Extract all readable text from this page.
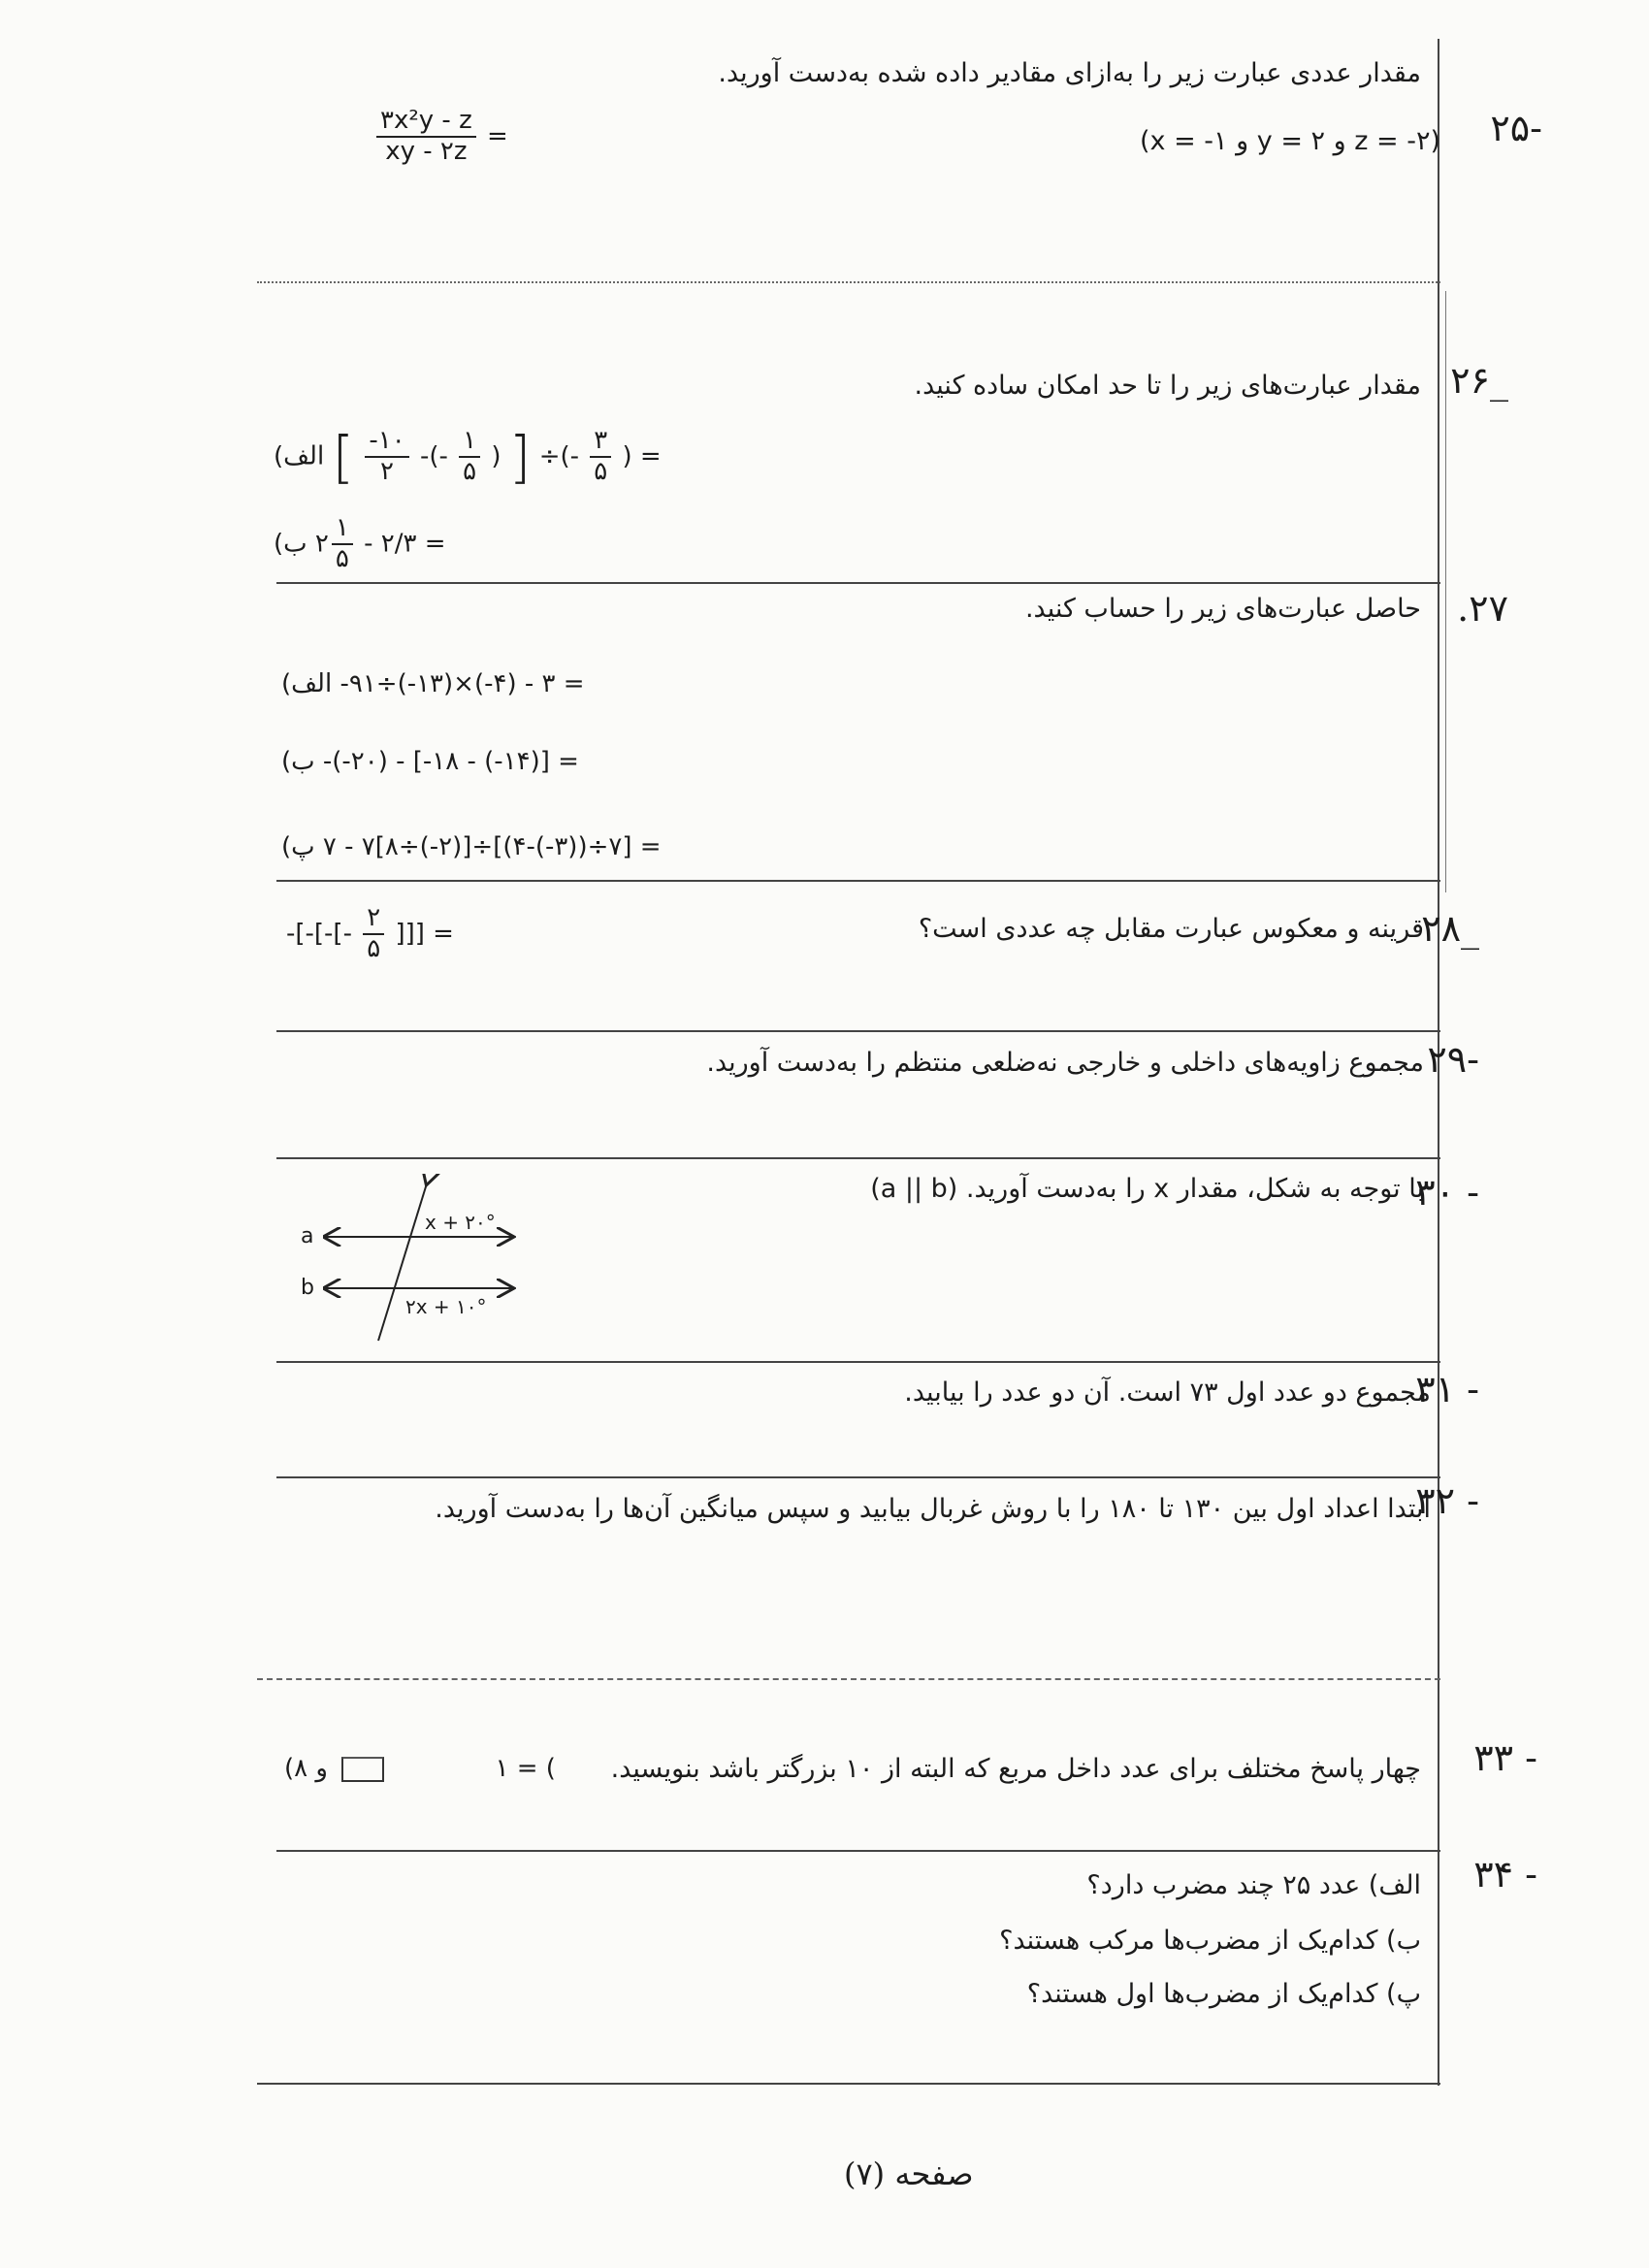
-۲۵
مقدار عددی عبارت زیر را به‌ازای مقادیر داده شده به‌دست آورید.
(x = -۱ و y = ۲ و z = -۲)
$\frac{\text{۳x²y - z}}{xy - ۲z}$ =
_۲۶
مقدار عبارت‌های زیر را تا حد امکان ساده کنید.
الف) [ $\frac{-۱۰}{۲}$ -(- $\frac{۱}{۵}$ ) ] ÷(- $\frac{۳}{۵}$ ) =
ب) ۲ $\frac{۱}{۵}$ - ۲/۳ =
۲۷.
حاصل عبارت‌های زیر را حساب کنید.
الف) -۹۱÷(-۱۳)×(-۴) - ۳ =
ب) -(-۲۰) - [-۱۸ - (-۱۴)] =
پ) ۷ - ۷[۸÷(-۲)]÷[(۴-(-۳))÷۷] =
_۲۸
قرینه و معکوس عبارت مقابل چه عددی است؟
-[-[-[- $\frac{۲}{۵}$ ]]] =
-۲۹
مجموع زاویه‌های داخلی و خارجی نه‌ضلعی منتظم را به‌دست آورید.
- ۳۰
با توجه به شکل، مقدار x را به‌دست آورید. (a || b)
a
b
x + ۲۰°
۲x + ۱۰°
- ۳۱
مجموع دو عدد اول ۷۳ است. آن دو عدد را بیابید.
- ۳۲
ابتدا اعداد اول بین ۱۳۰ تا ۱۸۰ را با روش غربال بیابید و سپس میانگین آن‌ها را به‌دست آورید.
- ۳۳
چهار پاسخ مختلف برای عدد داخل مربع که البته از ۱۰ بزرگتر باشد بنویسید.
و ۸)	۱ = (
- ۳۴
الف) عدد ۲۵ چند مضرب دارد؟
ب) کدام‌یک از مضرب‌ها مرکب هستند؟
پ) کدام‌یک از مضرب‌ها اول هستند؟
صفحه (۷)
